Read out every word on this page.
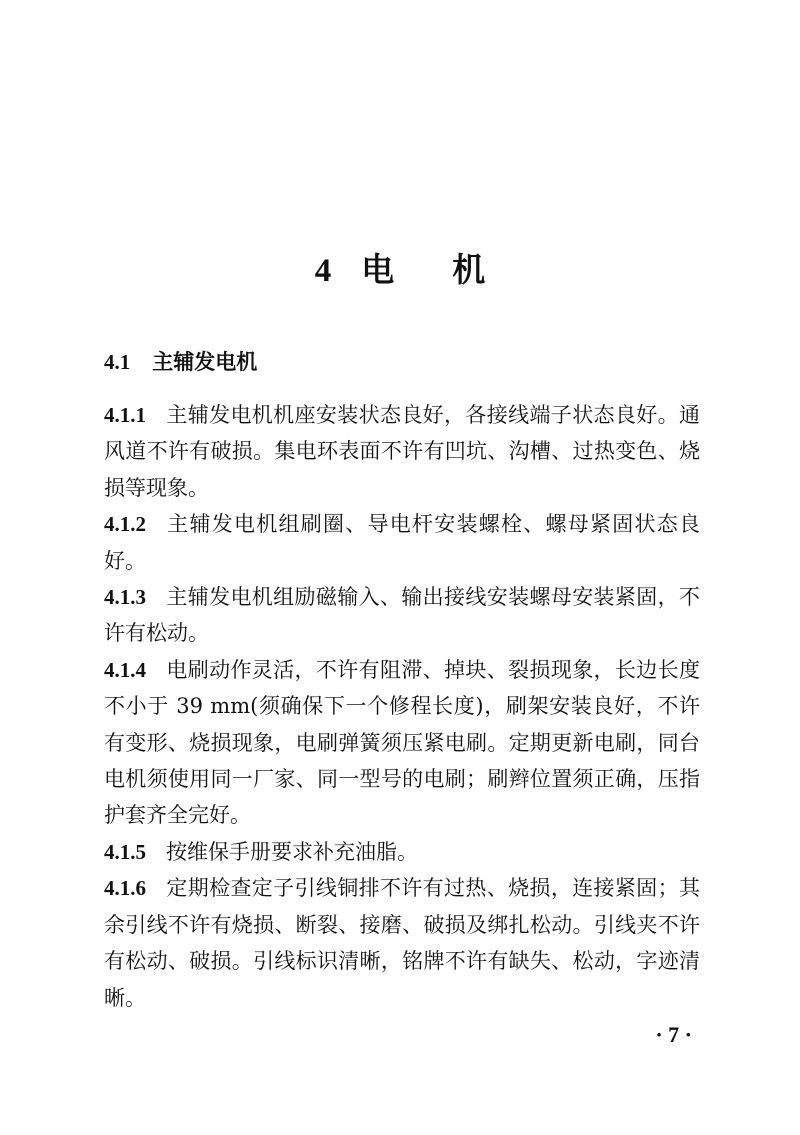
4 电 机
4.1 主辅发电机

4.1.1 主辅发电机机座安装状态良好，各接线端子状态良好。通风道不许有破损。集电环表面不许有凹坑、沟槽、过热变色、烧损等现象。

4.1.2 主辅发电机组刷圈、导电杆安装螺栓、螺母紧固状态良好。

4.1.3 主辅发电机组励磁输入、输出接线安装螺母安装紧固，不许有松动。

4.1.4 电刷动作灵活，不许有阻滞、掉块、裂损现象，长边长度不小于 39 mm(须确保下一个修程长度)，刷架安装良好，不许有变形、烧损现象，电刷弹簧须压紧电刷。定期更新电刷，同台电机须使用同一厂家、同一型号的电刷；刷辫位置须正确，压指护套齐全完好。

4.1.5 按维保手册要求补充油脂。

4.1.6 定期检查定子引线铜排不许有过热、烧损，连接紧固；其余引线不许有烧损、断裂、接磨、破损及绑扎松动。引线夹不许有松动、破损。引线标识清晰，铭牌不许有缺失、松动，字迹清晰。

· 7 ·
